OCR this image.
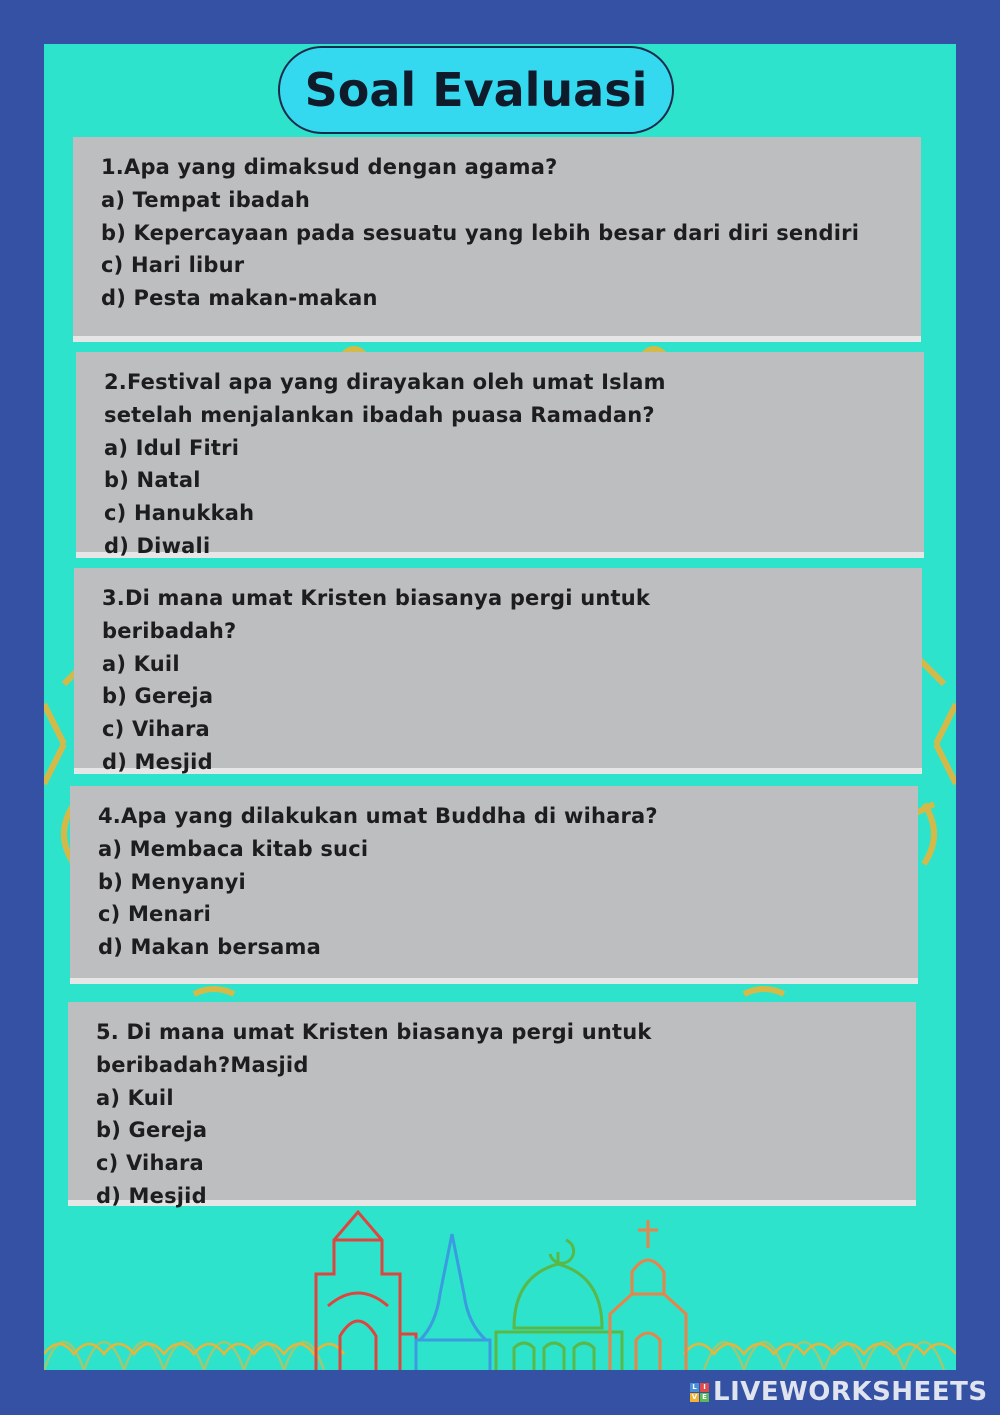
Soal Evaluasi
1.Apa yang dimaksud dengan agama?
a) Tempat ibadah
b) Kepercayaan pada sesuatu yang lebih besar dari diri sendiri
c) Hari libur
d) Pesta makan-makan
2.Festival apa yang dirayakan oleh umat Islam
setelah menjalankan ibadah puasa Ramadan?
a) Idul Fitri
b) Natal
c) Hanukkah
d) Diwali
3.Di mana umat Kristen biasanya pergi untuk
beribadah?
a) Kuil
b) Gereja
c) Vihara
d) Mesjid
4.Apa yang dilakukan umat Buddha di wihara?
a) Membaca kitab suci
b) Menyanyi
c) Menari
d) Makan bersama
5. Di mana umat Kristen biasanya pergi untuk
beribadah?Masjid
a) Kuil
b) Gereja
c) Vihara
d) Mesjid
L I
V E LIVEWORKSHEETS
